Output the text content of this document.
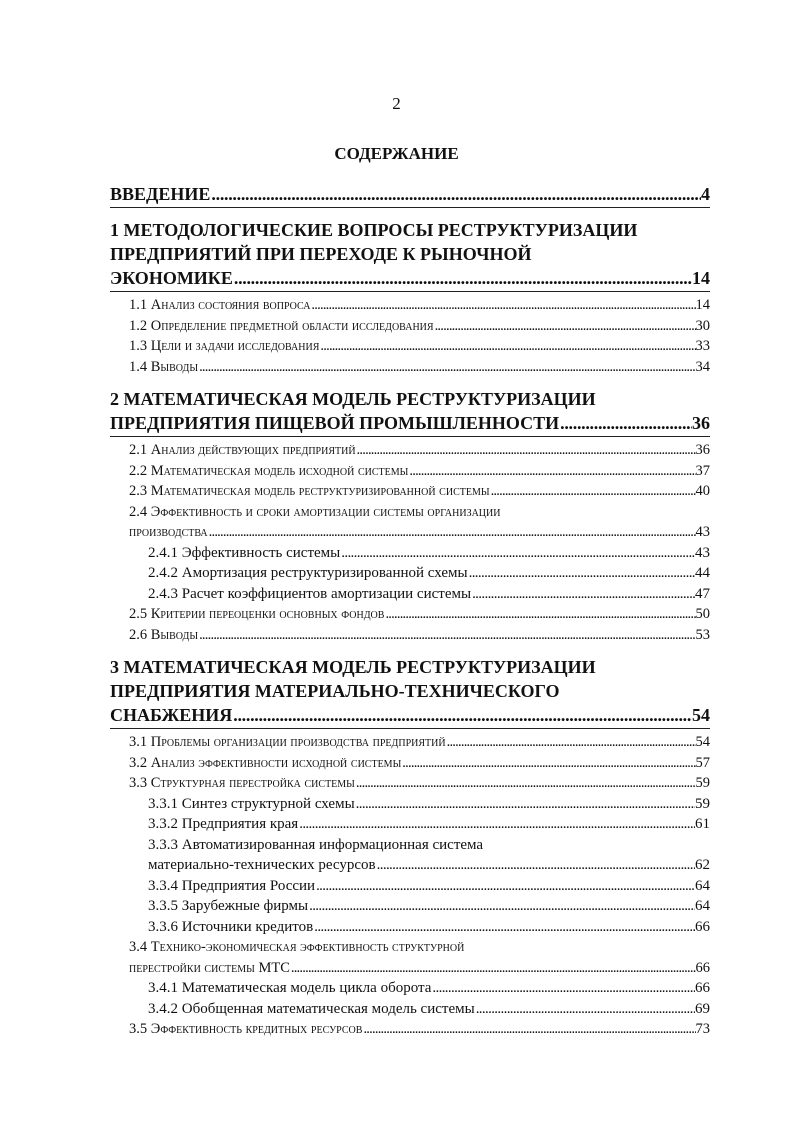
2
СОДЕРЖАНИЕ
ВВЕДЕНИЕ . . .	4
1 МЕТОДОЛОГИЧЕСКИЕ ВОПРОСЫ РЕСТРУКТУРИЗАЦИИ
ПРЕДПРИЯТИЙ ПРИ ПЕРЕХОДЕ К РЫНОЧНОЙ
ЭКОНОМИКЕ . . .	14
1.1 Анализ состояния вопроса . . .	14
1.2 Определение предметной области исследования . . .	30
1.3 Цели и задачи исследования . . .	33
1.4 Выводы . . .	34
2 МАТЕМАТИЧЕСКАЯ МОДЕЛЬ РЕСТРУКТУРИЗАЦИИ
ПРЕДПРИЯТИЯ ПИЩЕВОЙ ПРОМЫШЛЕННОСТИ . . .	36
2.1 Анализ действующих предприятий . . .	36
2.2 Математическая модель исходной системы . . .	37
2.3 Математическая модель реструктуризированной системы . . .	40
2.4 Эффективность и сроки амортизации системы организации
производства . . .	43
2.4.1 Эффективность системы . . .	43
2.4.2 Амортизация реструктуризированной схемы . . .	44
2.4.3 Расчет коэффициентов амортизации системы . . .	47
2.5 Критерии переоценки основных фондов . . .	50
2.6 Выводы . . .	53
3 МАТЕМАТИЧЕСКАЯ МОДЕЛЬ РЕСТРУКТУРИЗАЦИИ
ПРЕДПРИЯТИЯ МАТЕРИАЛЬНО-ТЕХНИЧЕСКОГО
СНАБЖЕНИЯ . . .	54
3.1 Проблемы организации производства предприятий . . .	54
3.2 Анализ эффективности исходной системы . . .	57
3.3 Структурная перестройка системы . . .	59
3.3.1 Синтез структурной схемы . . .	59
3.3.2 Предприятия края . . .	61
3.3.3 Автоматизированная информационная система
материально-технических ресурсов . . .	62
3.3.4 Предприятия России . . .	64
3.3.5 Зарубежные фирмы . . .	64
3.3.6 Источники кредитов . . .	66
3.4 Технико-экономическая эффективность структурной
перестройки системы МТС . . .	66
3.4.1 Математическая модель цикла оборота . . .	66
3.4.2 Обобщенная математическая модель системы . . .	69
3.5 Эффективность кредитных ресурсов . . .	73
